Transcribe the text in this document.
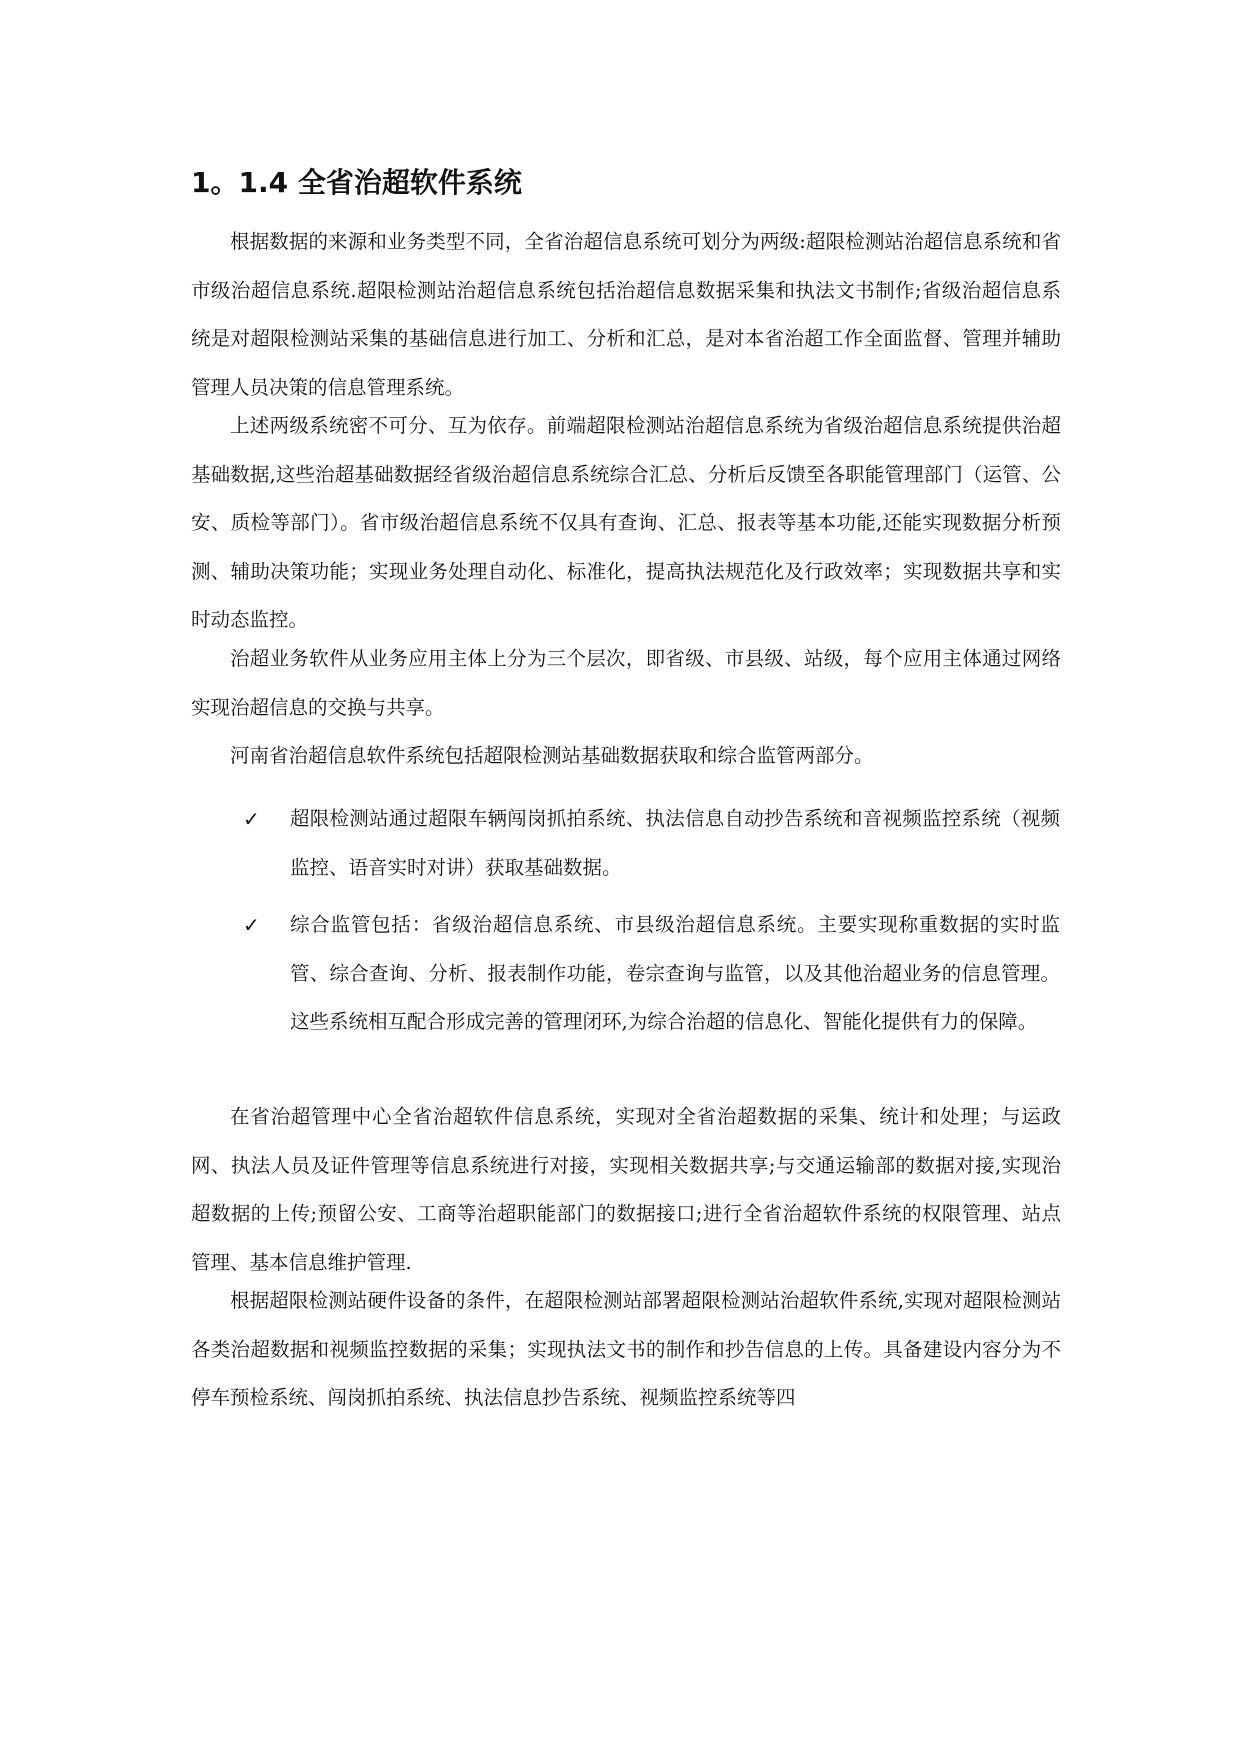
1。1.4 全省治超软件系统

根据数据的来源和业务类型不同，全省治超信息系统可划分为两级:超限检测站治超信息系统和省市级治超信息系统.超限检测站治超信息系统包括治超信息数据采集和执法文书制作;省级治超信息系统是对超限检测站采集的基础信息进行加工、分析和汇总，是对本省治超工作全面监督、管理并辅助管理人员决策的信息管理系统。

上述两级系统密不可分、互为依存。前端超限检测站治超信息系统为省级治超信息系统提供治超基础数据,这些治超基础数据经省级治超信息系统综合汇总、分析后反馈至各职能管理部门（运管、公安、质检等部门）。省市级治超信息系统不仅具有查询、汇总、报表等基本功能,还能实现数据分析预测、辅助决策功能；实现业务处理自动化、标准化，提高执法规范化及行政效率；实现数据共享和实时动态监控。

治超业务软件从业务应用主体上分为三个层次，即省级、市县级、站级，每个应用主体通过网络实现治超信息的交换与共享。

河南省治超信息软件系统包括超限检测站基础数据获取和综合监管两部分。

✓ 超限检测站通过超限车辆闯岗抓拍系统、执法信息自动抄告系统和音视频监控系统（视频监控、语音实时对讲）获取基础数据。
✓ 综合监管包括：省级治超信息系统、市县级治超信息系统。主要实现称重数据的实时监管、综合查询、分析、报表制作功能，卷宗查询与监管，以及其他治超业务的信息管理。这些系统相互配合形成完善的管理闭环,为综合治超的信息化、智能化提供有力的保障。

在省治超管理中心全省治超软件信息系统，实现对全省治超数据的采集、统计和处理；与运政网、执法人员及证件管理等信息系统进行对接，实现相关数据共享;与交通运输部的数据对接,实现治超数据的上传;预留公安、工商等治超职能部门的数据接口;进行全省治超软件系统的权限管理、站点管理、基本信息维护管理.

根据超限检测站硬件设备的条件，在超限检测站部署超限检测站治超软件系统,实现对超限检测站各类治超数据和视频监控数据的采集；实现执法文书的制作和抄告信息的上传。具备建设内容分为不停车预检系统、闯岗抓拍系统、执法信息抄告系统、视频监控系统等四
